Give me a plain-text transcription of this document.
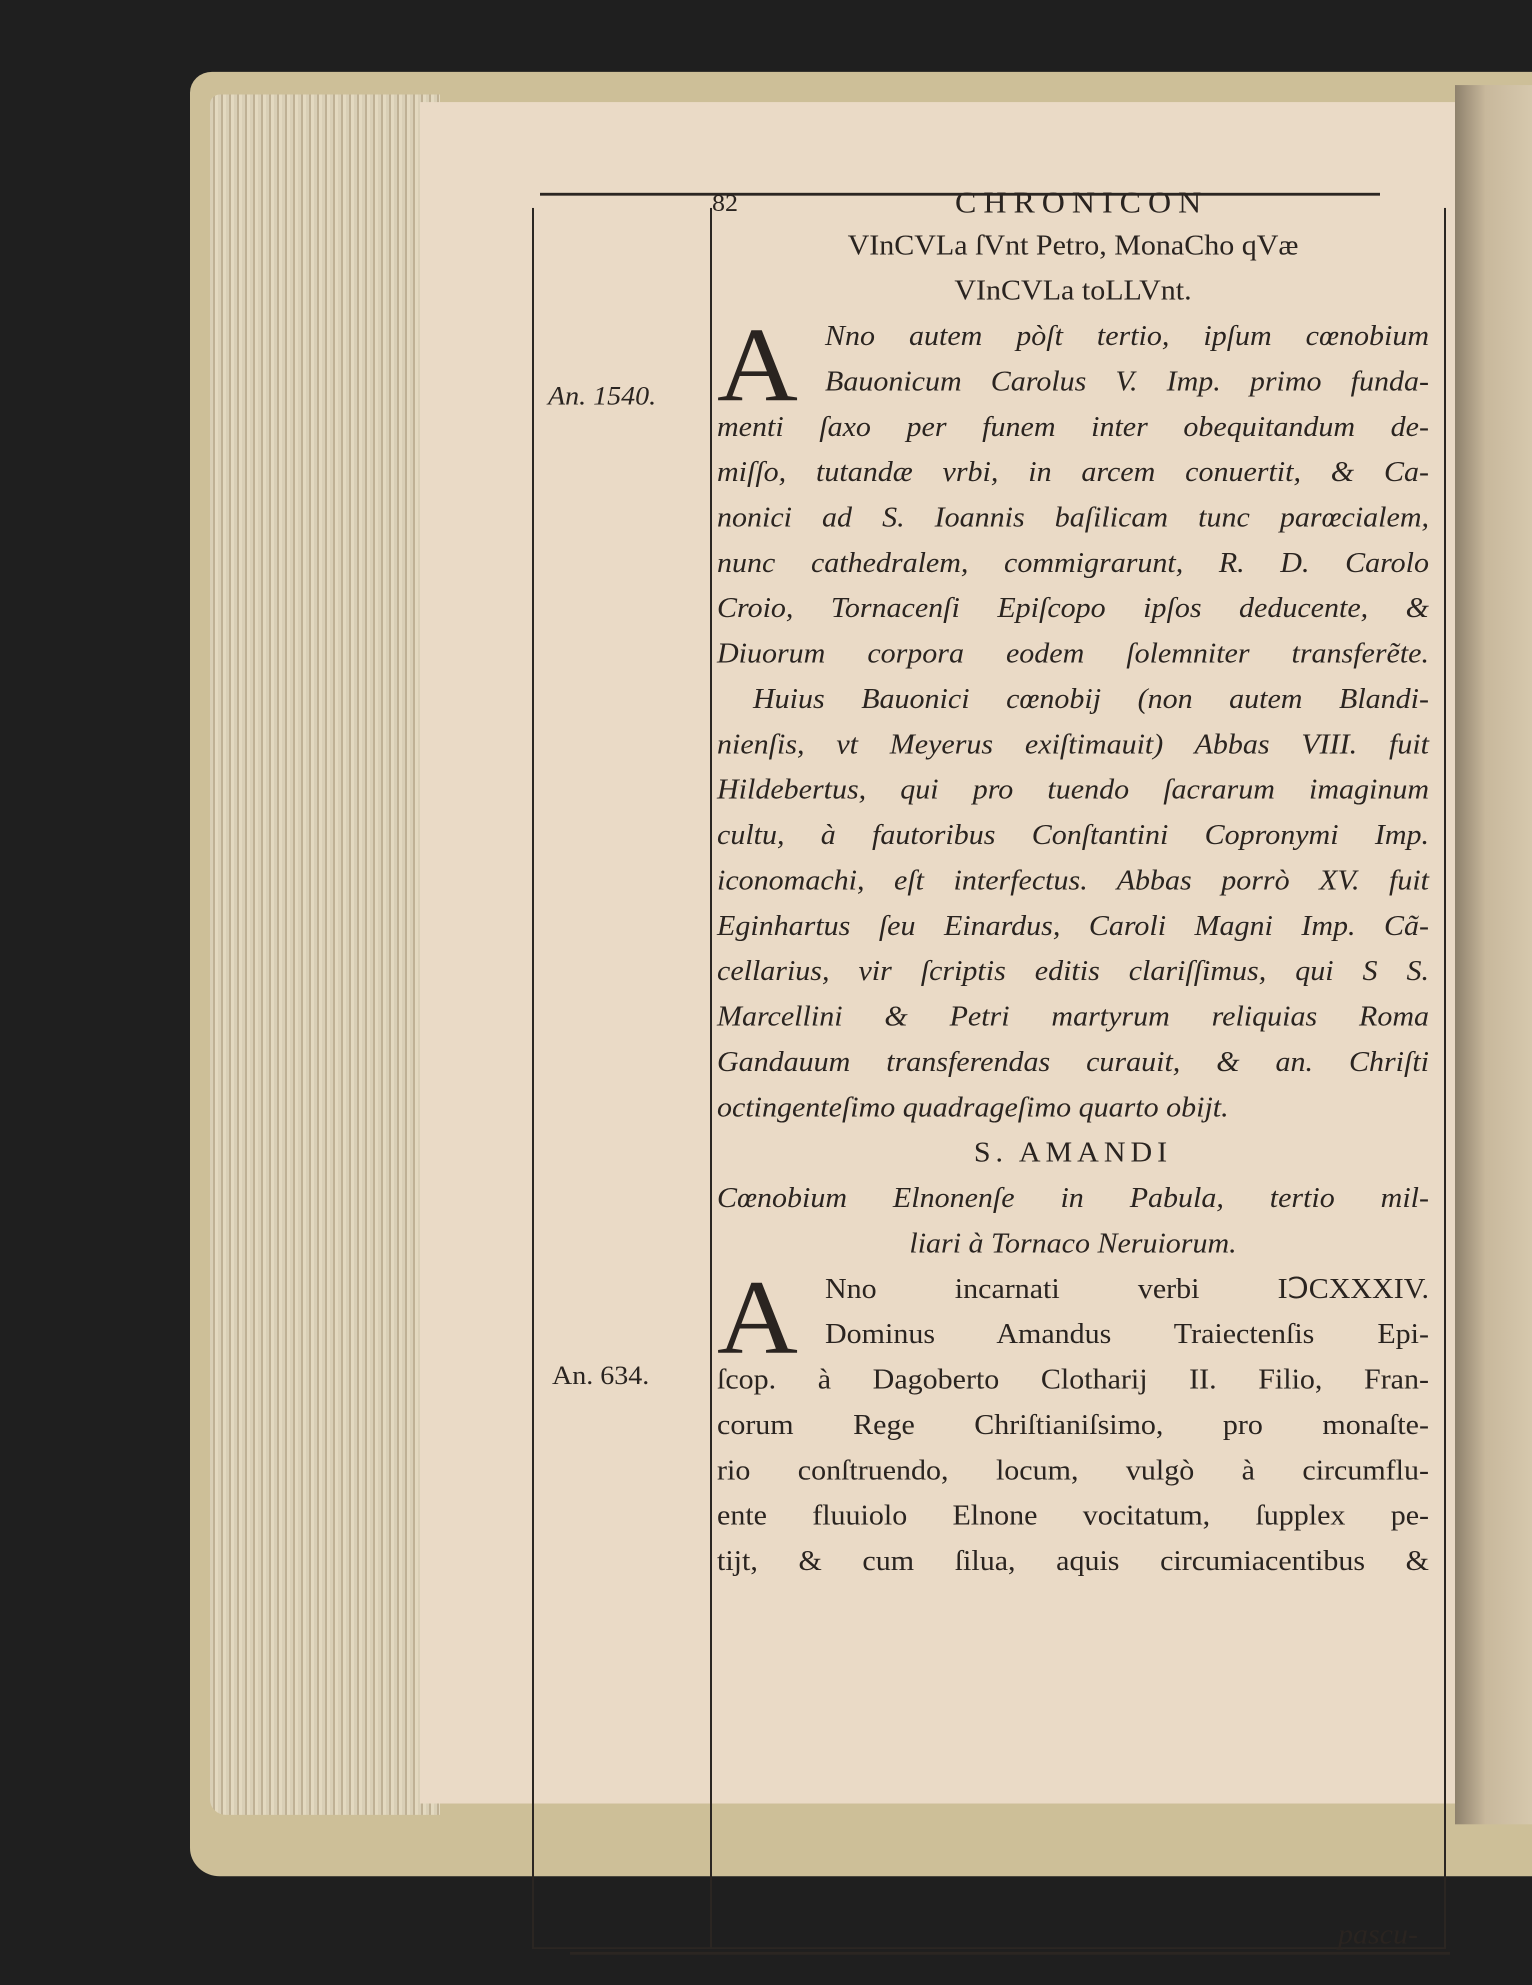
82	CHRONICON
An. 1540.
An. 634.
VInCVLa ſVnt Petro, MonaCho qVæ
VInCVLa toLLVnt.
A Nno autem pòſt tertio, ipſum cœnobium
Bauonicum Carolus V. Imp. primo funda-
menti ſaxo per funem inter obequitandum de-
miſſo, tutandæ vrbi, in arcem conuertit, & Ca-
nonici ad S. Ioannis baſilicam tunc parœcialem,
nunc cathedralem, commigrarunt, R. D. Carolo
Croio, Tornacenſi Epiſcopo ipſos deducente, &
Diuorum corpora eodem ſolemniter transferẽte.
Huius Bauonici cœnobij (non autem Blandi-
nienſis, vt Meyerus exiſtimauit) Abbas VIII. fuit
Hildebertus, qui pro tuendo ſacrarum imaginum
cultu, à fautoribus Conſtantini Copronymi Imp.
iconomachi, eſt interfectus. Abbas porrò XV. fuit
Eginhartus ſeu Einardus, Caroli Magni Imp. Cã-
cellarius, vir ſcriptis editis clariſſimus, qui S S.
Marcellini & Petri martyrum reliquias Roma
Gandauum transferendas curauit, & an. Chriſti
octingenteſimo quadrageſimo quarto obijt.
S. AMANDI
Cœnobium Elnonenſe in Pabula, tertio mil-
liari à Tornaco Neruiorum.
A Nno incarnati verbi IↃCXXXIV.
Dominus Amandus Traiectenſis Epi-
ſcop. à Dagoberto Clotharij II. Filio, Fran-
corum Rege Chriſtianiſsimo, pro monaſte-
rio conſtruendo, locum, vulgò à circumflu-
ente fluuiolo Elnone vocitatum, ſupplex pe-
tijt, & cum ſilua, aquis circumiacentibus &
pascu-
